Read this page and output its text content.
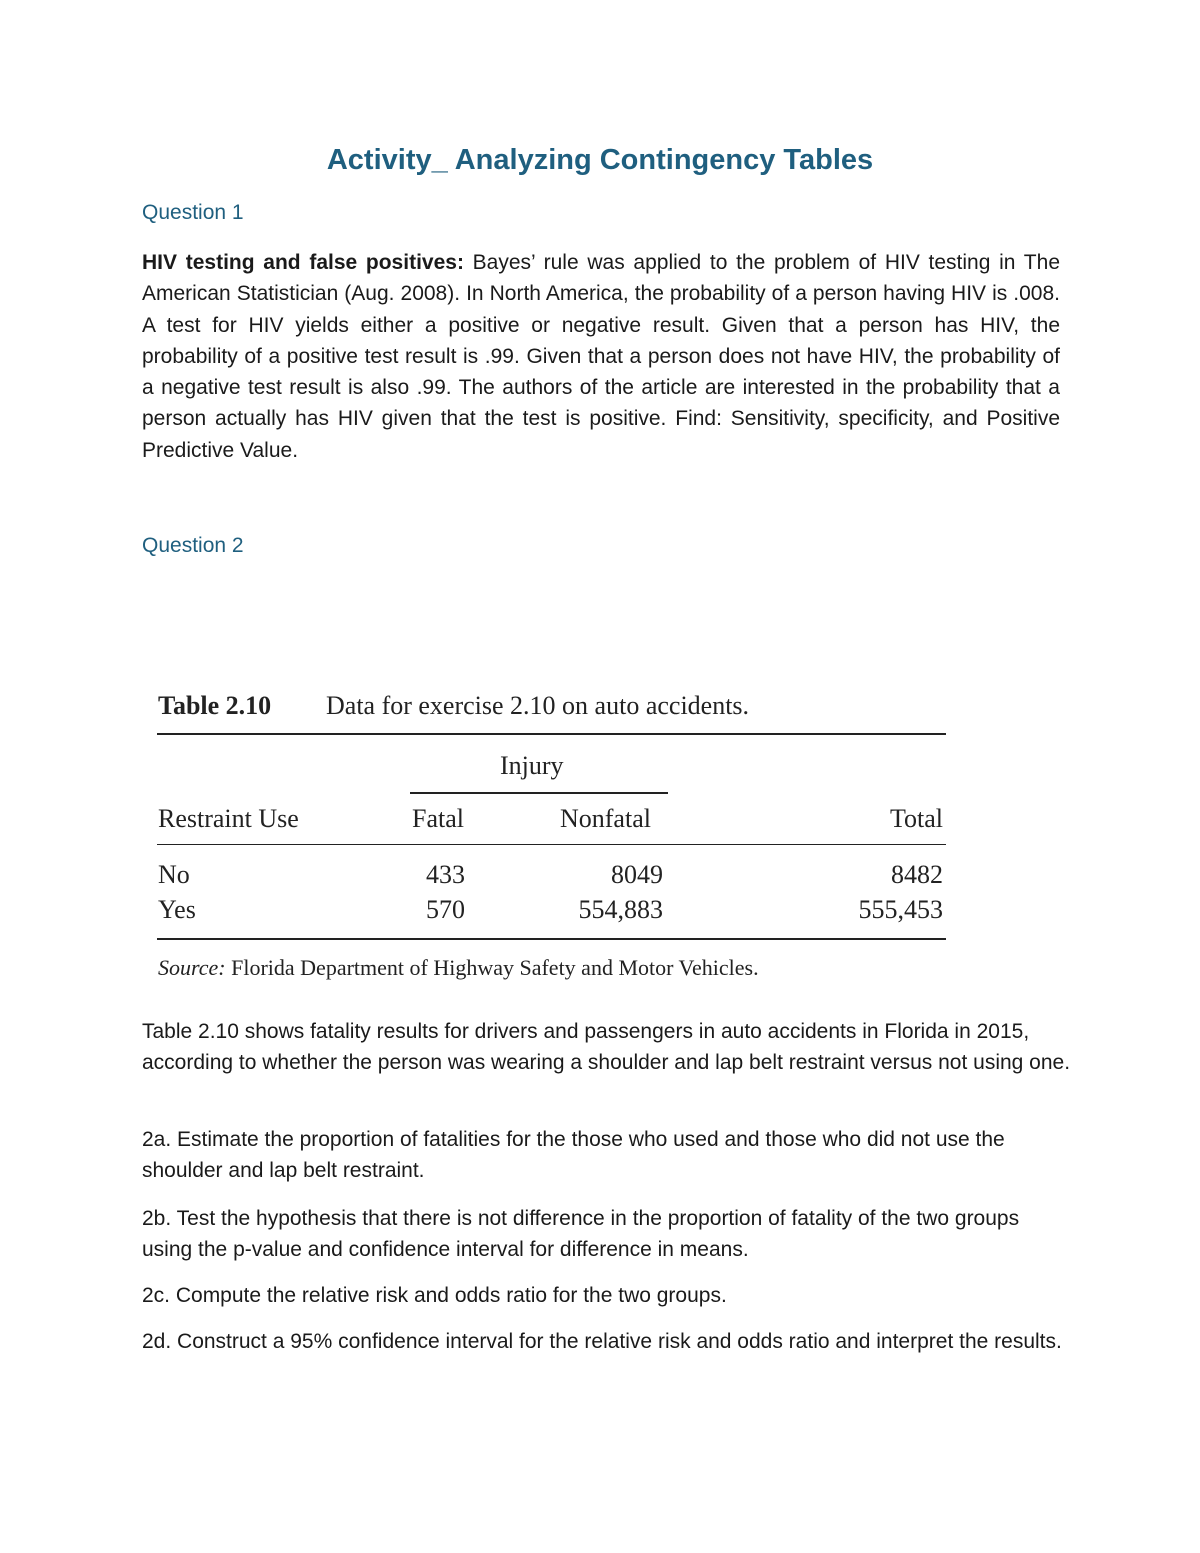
Activity_ Analyzing Contingency Tables
Question 1

HIV testing and false positives: Bayes’ rule was applied to the problem of HIV testing in The American Statistician (Aug. 2008). In North America, the probability of a person having HIV is .008. A test for HIV yields either a positive or negative result. Given that a person has HIV, the probability of a positive test result is .99. Given that a person does not have HIV, the probability of a negative test result is also .99. The authors of the article are interested in the probability that a person actually has HIV given that the test is positive. Find: Sensitivity, specificity, and Positive Predictive Value.

Question 2
Table 2.10 Data for exercise 2.10 on auto accidents.
Injury
Restraint Use	Fatal	Nonfatal	Total
No	433	8049	8482
Yes	570	554,883	555,453
Source: Florida Department of Highway Safety and Motor Vehicles.

Table 2.10 shows fatality results for drivers and passengers in auto accidents in Florida in 2015, according to whether the person was wearing a shoulder and lap belt restraint versus not using one.

2a. Estimate the proportion of fatalities for the those who used and those who did not use the shoulder and lap belt restraint.

2b. Test the hypothesis that there is not difference in the proportion of fatality of the two groups using the p-value and confidence interval for difference in means.

2c. Compute the relative risk and odds ratio for the two groups.

2d. Construct a 95% confidence interval for the relative risk and odds ratio and interpret the results.
